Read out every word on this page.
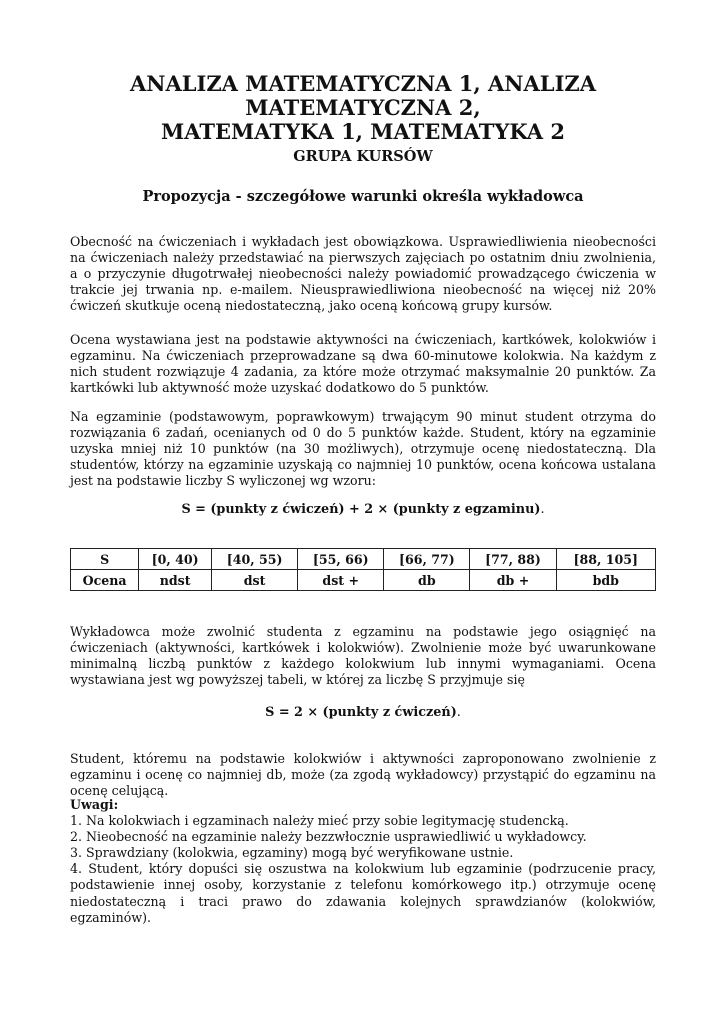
ANALIZA MATEMATYCZNA 1, ANALIZA MATEMATYCZNA 2,
MATEMATYKA 1, MATEMATYKA 2
GRUPA KURSÓW
Propozycja - szczegółowe warunki określa wykładowca

Obecność na ćwiczeniach i wykładach jest obowiązkowa. Usprawiedliwienia nieobecności na ćwiczeniach należy przedstawiać na pierwszych zajęciach po ostatnim dniu zwolnienia, a o przyczynie długotrwałej nieobecności należy powiadomić prowadzącego ćwiczenia w trakcie jej trwania np. e-mailem. Nieusprawiedliwiona nieobecność na więcej niż 20% ćwiczeń skutkuje oceną niedostateczną, jako oceną końcową grupy kursów.

Ocena wystawiana jest na podstawie aktywności na ćwiczeniach, kartkówek, kolokwiów i egzaminu. Na ćwiczeniach przeprowadzane są dwa 60-minutowe kolokwia. Na każdym z nich student rozwiązuje 4 zadania, za które może otrzymać maksymalnie 20 punktów. Za kartkówki lub aktywność może uzyskać dodatkowo do 5 punktów.

Na egzaminie (podstawowym, poprawkowym) trwającym 90 minut student otrzyma do rozwiązania 6 zadań, ocenianych od 0 do 5 punktów każde. Student, który na egzaminie uzyska mniej niż 10 punktów (na 30 możliwych), otrzymuje ocenę niedostateczną. Dla studentów, którzy na egzaminie uzyskają co najmniej 10 punktów, ocena końcowa ustalana jest na podstawie liczby S wyliczonej wg wzoru:

S = (punkty z ćwiczeń) + 2 × (punkty z egzaminu).
S	[0, 40)	[40, 55)	[55, 66)	[66, 77)	[77, 88)	[88, 105]
Ocena	ndst	dst	dst +	db	db +	bdb

Wykładowca może zwolnić studenta z egzaminu na podstawie jego osiągnięć na ćwiczeniach (aktywności, kartkówek i kolokwiów). Zwolnienie może być uwarunkowane minimalną liczbą punktów z każdego kolokwium lub innymi wymaganiami. Ocena wystawiana jest wg powyższej tabeli, w której za liczbę S przyjmuje się

S = 2 × (punkty z ćwiczeń).

Student, któremu na podstawie kolokwiów i aktywności zaproponowano zwolnienie z egzaminu i ocenę co najmniej db, może (za zgodą wykładowcy) przystąpić do egzaminu na ocenę celującą.

Uwagi:
1. Na kolokwiach i egzaminach należy mieć przy sobie legitymację studencką.
2. Nieobecność na egzaminie należy bezzwłocznie usprawiedliwić u wykładowcy.
3. Sprawdziany (kolokwia, egzaminy) mogą być weryfikowane ustnie.
4. Student, który dopuści się oszustwa na kolokwium lub egzaminie (podrzucenie pracy, podstawienie innej osoby, korzystanie z telefonu komórkowego itp.) otrzymuje ocenę niedostateczną i traci prawo do zdawania kolejnych sprawdzianów (kolokwiów, egzaminów).
